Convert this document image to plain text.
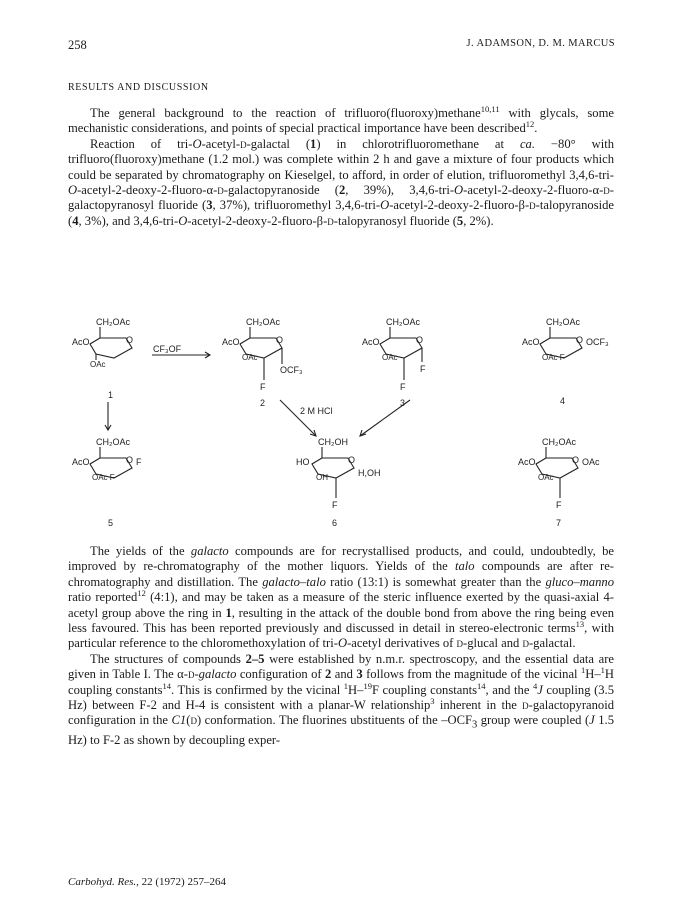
258	J. ADAMSON, D. M. MARCUS
RESULTS AND DISCUSSION

The general background to the reaction of trifluoro(fluoroxy)methane$^{10,11}$ with glycals, some mechanistic considerations, and points of special practical importance have been described$^{12}$.

Reaction of tri-O-acetyl-d-galactal (1) in chlorotrifluoromethane at ca. −80° with trifluoro(fluoroxy)methane (1.2 mol.) was complete within 2 h and gave a mixture of four products which could be separated by chromatography on Kieselgel, to afford, in order of elution, trifluoromethyl 3,4,6-tri-O-acetyl-2-deoxy-2-fluoro-α-d-galactopyranoside (2, 39%), 3,4,6-tri-O-acetyl-2-deoxy-2-fluoro-α-d-galactopyranosyl fluoride (3, 37%), trifluoromethyl 3,4,6-tri-O-acetyl-2-deoxy-2-fluoro-β-d-talopyranoside (4, 3%), and 3,4,6-tri-O-acetyl-2-deoxy-2-fluoro-β-d-talopyranosyl fluoride (5, 2%).

CH₂OAc
AcO	O
OAc
1
CF₃OF
CH₂OAc
AcO	O
OAc
OCF₃
F
2
CH₂OAc
AcO	O
OAc
F
F
3
CH₂OAc
AcO	O OCF₃
OAc F
4
2 M HCl
CH₂OAc
AcO	O F
OAc F
5
CH₂OH
HO	O
H,OH
OH
F
6
CH₂OAc
AcO	O OAc
OAc
F
7

The yields of the galacto compounds are for recrystallised products, and could, undoubtedly, be improved by re-chromatography of the mother liquors. Yields of the talo compounds are after re-chromatography and distillation. The galacto–talo ratio (13:1) is somewhat greater than the gluco–manno ratio reported$^{12}$ (4:1), and may be taken as a measure of the steric influence exerted by the quasi-axial 4-acetyl group above the ring in 1, resulting in the attack of the double bond from above the ring being even less favoured. This has been reported previously and discussed in detail in stereo-electronic terms$^{13}$, with particular reference to the chloromethoxylation of tri-O-acetyl derivatives of d-glucal and d-galactal.

The structures of compounds 2–5 were established by n.m.r. spectroscopy, and the essential data are given in Table I. The α-d-galacto configuration of 2 and 3 follows from the magnitude of the vicinal $^1$H–$^1$H coupling constants$^{14}$. This is confirmed by the vicinal $^1$H–$^{19}$F coupling constants$^{14}$, and the $^4$J coupling (3.5 Hz) between F-2 and H-4 is consistent with a planar-W relationship$^3$ inherent in the d-galactopyranoid configuration in the C1(d) conformation. The fluorines ubstituents of the $-OCF_3$ group were coupled (J 1.5 Hz) to F-2 as shown by decoupling exper-

Carbohyd. Res., 22 (1972) 257–264
